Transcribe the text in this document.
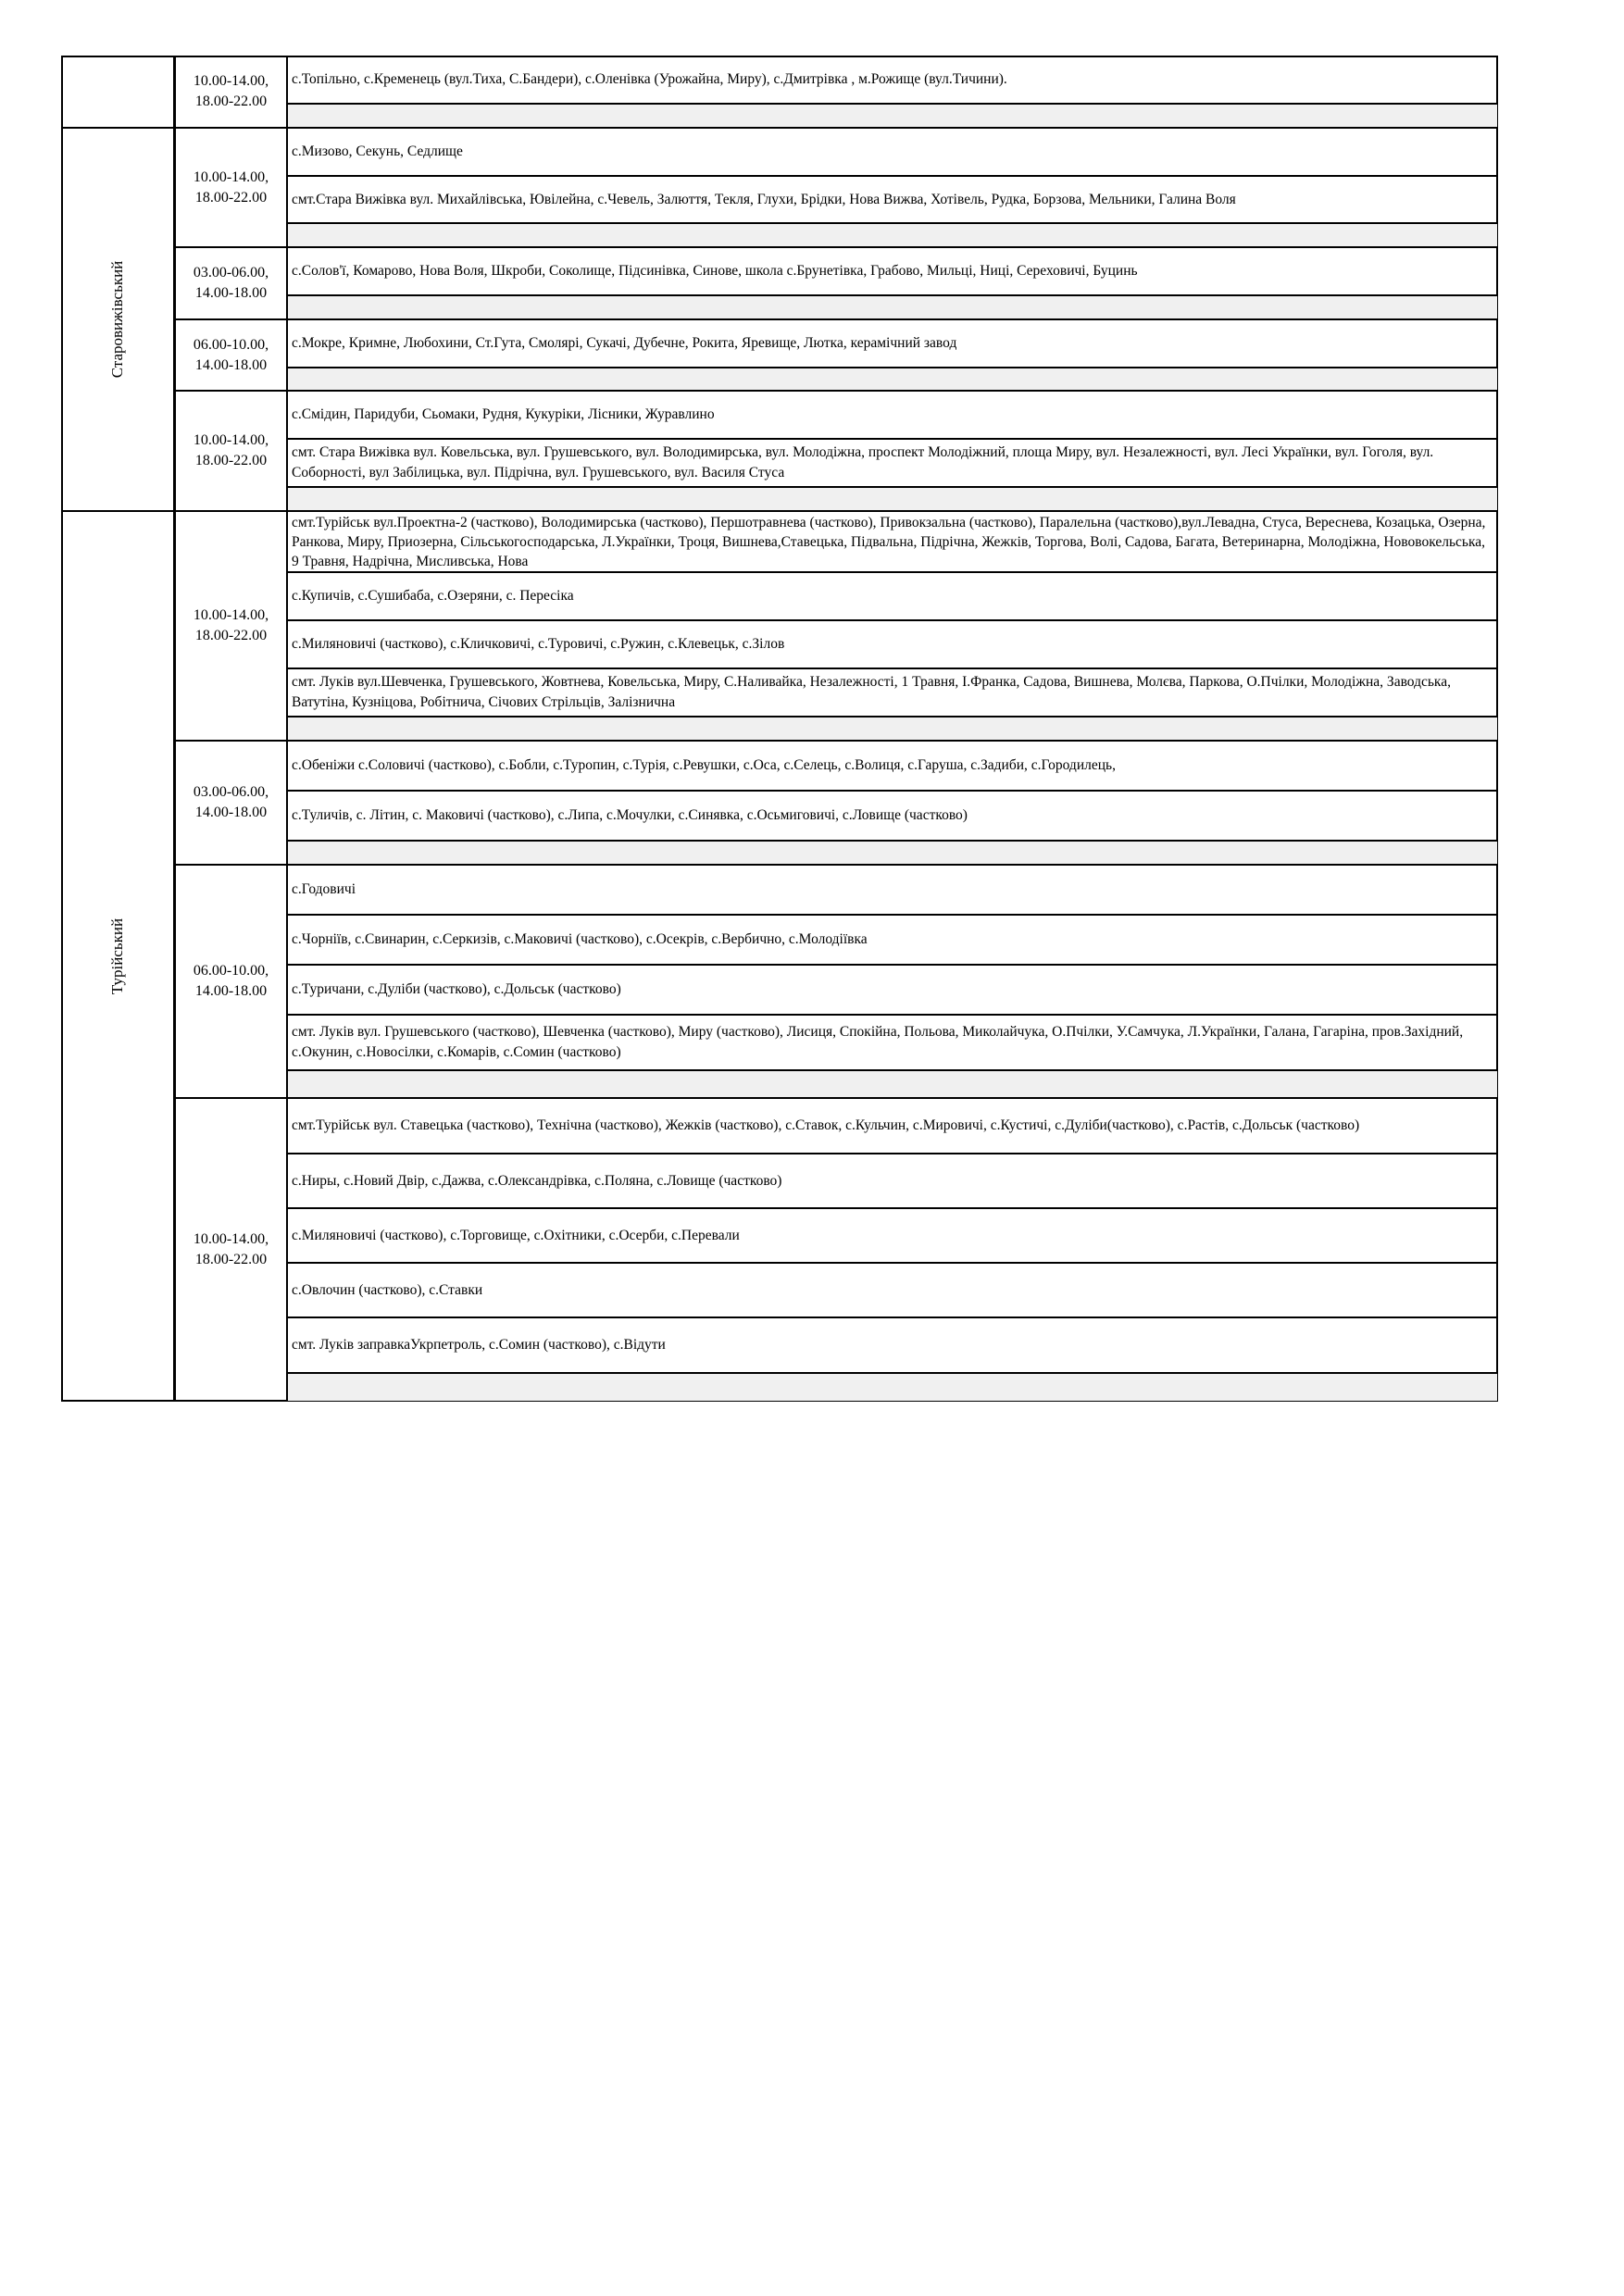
Старовижівський
Турійський
10.00-14.00,
18.00-22.00
10.00-14.00,
18.00-22.00
03.00-06.00,
14.00-18.00
06.00-10.00,
14.00-18.00
10.00-14.00,
18.00-22.00
10.00-14.00,
18.00-22.00
03.00-06.00,
14.00-18.00
06.00-10.00,
14.00-18.00
10.00-14.00,
18.00-22.00
с.Топільно, с.Кременець (вул.Тиха, С.Бандери), с.Оленівка (Урожайна, Миру), с.Дмитрівка , м.Рожище (вул.Тичини).
с.Мизово, Секунь, Седлище
смт.Стара Вижівка вул. Михайлівська, Ювілейна, с.Чевель, Залюття, Текля, Глухи, Брідки, Нова Вижва, Хотівель, Рудка, Борзова, Мельники, Галина Воля
с.Солов'ї, Комарово, Нова Воля, Шкроби, Соколище, Підсинівка, Синове, школа с.Брунетівка, Грабово, Мильці, Ниці, Сереховичі, Буцинь
с.Мокре, Кримне, Любохини, Ст.Гута, Смолярі, Сукачі, Дубечне, Рокита, Яревище, Лютка, керамічний завод
с.Смідин, Паридуби, Сьомаки, Рудня, Кукуріки, Лісники, Журавлино
смт. Стара Вижівка вул. Ковельська, вул. Грушевського, вул. Володимирська, вул. Молодіжна, проспект Молодіжний, площа Миру, вул. Незалежності, вул. Лесі Українки, вул. Гоголя, вул. Соборності, вул Забілицька, вул. Підрічна, вул. Грушевського, вул. Василя Стуса
смт.Турійськ вул.Проектна-2 (частково), Володимирська (частково), Першотравнева (частково), Привокзальна (частково), Паралельна (частково),вул.Левадна, Стуса, Вереснева, Козацька, Озерна, Ранкова, Миру, Приозерна, Сільськогосподарська, Л.Українки, Троця, Вишнева,Ставецька, Підвальна, Підрічна, Жежків, Торгова, Волі, Садова, Багата, Ветеринарна, Молодіжна, Нововокельська, 9 Травня, Надрічна, Мисливська, Нова
с.Купичів, с.Сушибаба, с.Озеряни, с. Пересіка
с.Миляновичі (частково), с.Кличковичі, с.Туровичі, с.Ружин, с.Клевецьк, с.Зілов
смт. Луків вул.Шевченка, Грушевського, Жовтнева, Ковельська, Миру, С.Наливайка, Незалежності, 1 Травня, І.Франка, Садова, Вишнева, Молєва, Паркова, О.Пчілки, Молодіжна, Заводська, Ватутіна, Кузнiцова, Робітнича, Січових Стрільців, Залізнична
с.Обеніжи с.Соловичі (частково), с.Бобли, с.Туропин, с.Турія, с.Ревушки, с.Оса, с.Селець, с.Волиця, с.Гаруша, с.Задиби, с.Городилець,
с.Туличів, с. Літин, с. Маковичі (частково), с.Липа, с.Мочулки, с.Синявка, с.Осьмиговичі, с.Ловище (частково)
с.Годовичі
с.Чорніїв, с.Свинарин, с.Серкизів, с.Маковичі (частково), с.Осекрів, с.Вербично, с.Молодіївка
с.Туричани, с.Дуліби (частково), с.Дольськ (частково)
смт. Луків вул. Грушевського (частково), Шевченка (частково), Миру (частково), Лисиця, Спокійна, Польова, Миколайчука, О.Пчілки, У.Самчука, Л.Українки, Галана, Гагаріна, пров.Західний, с.Окунин, с.Новосілки, с.Комарів, с.Сомин (частково)
смт.Турійськ вул. Ставецька (частково), Технічна (частково), Жежків (частково), с.Ставок, с.Кульчин, с.Мировичі, с.Кустичі, с.Дуліби(частково), с.Растів, с.Дольськ (частково)
с.Ниры, с.Новий Двір, с.Дажва, с.Олександрівка, с.Поляна, с.Ловище (частково)
с.Миляновичі (частково), с.Торговище, с.Охітники, с.Осерби, с.Перевали
с.Овлочин (частково), с.Ставки
смт. Луків заправкаУкрпетроль, с.Сомин (частково), с.Відути
